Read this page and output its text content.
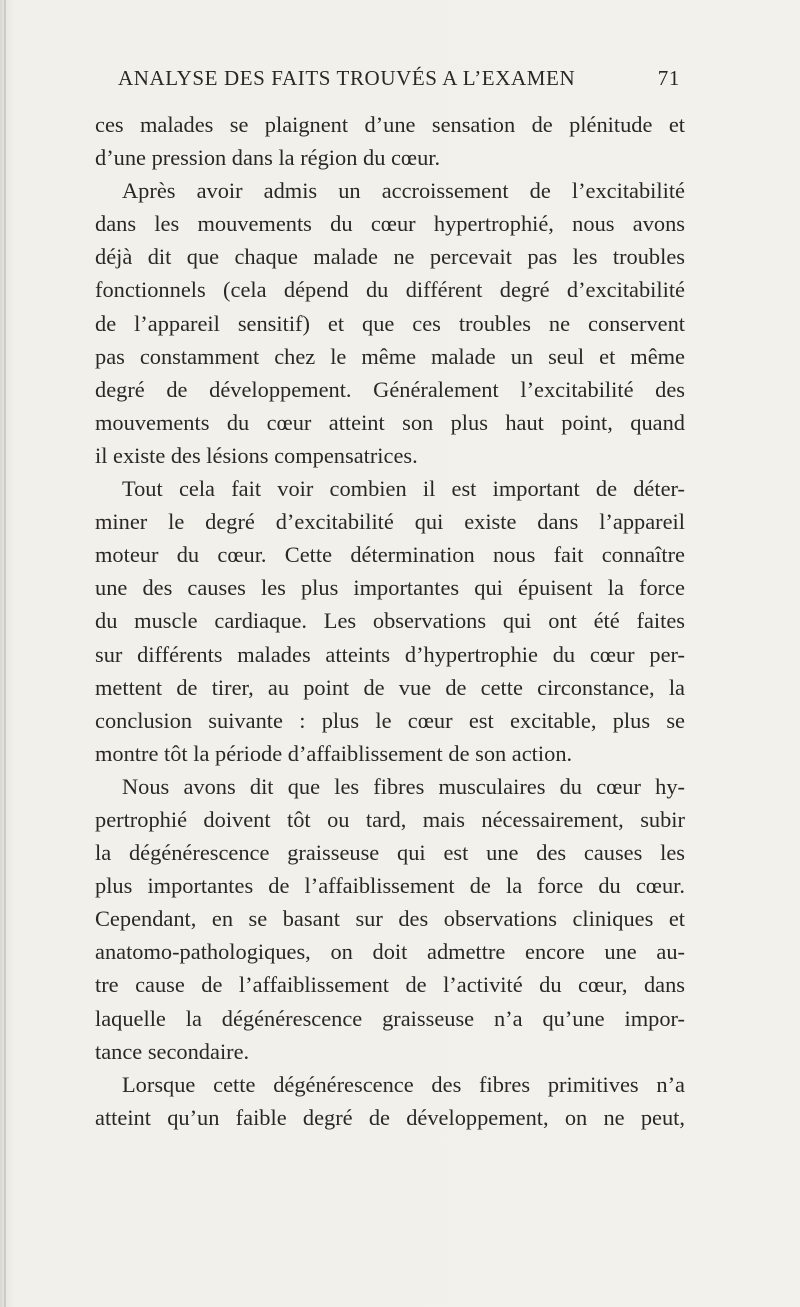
ANALYSE DES FAITS TROUVÉS A L’EXAMEN	71
ces malades se plaignent d’une sensation de plénitude et
d’une pression dans la région du cœur.
Après avoir admis un accroissement de l’excitabilité
dans les mouvements du cœur hypertrophié, nous avons
déjà dit que chaque malade ne percevait pas les troubles
fonctionnels (cela dépend du différent degré d’excitabilité
de l’appareil sensitif) et que ces troubles ne conservent
pas constamment chez le même malade un seul et même
degré de développement. Généralement l’excitabilité des
mouvements du cœur atteint son plus haut point, quand
il existe des lésions compensatrices.
Tout cela fait voir combien il est important de déter-
miner le degré d’excitabilité qui existe dans l’appareil
moteur du cœur. Cette détermination nous fait connaître
une des causes les plus importantes qui épuisent la force
du muscle cardiaque. Les observations qui ont été faites
sur différents malades atteints d’hypertrophie du cœur per-
mettent de tirer, au point de vue de cette circonstance, la
conclusion suivante : plus le cœur est excitable, plus se
montre tôt la période d’affaiblissement de son action.
Nous avons dit que les fibres musculaires du cœur hy-
pertrophié doivent tôt ou tard, mais nécessairement, subir
la dégénérescence graisseuse qui est une des causes les
plus importantes de l’affaiblissement de la force du cœur.
Cependant, en se basant sur des observations cliniques et
anatomo-pathologiques, on doit admettre encore une au-
tre cause de l’affaiblissement de l’activité du cœur, dans
laquelle la dégénérescence graisseuse n’a qu’une impor-
tance secondaire.
Lorsque cette dégénérescence des fibres primitives n’a
atteint qu’un faible degré de développement, on ne peut,
